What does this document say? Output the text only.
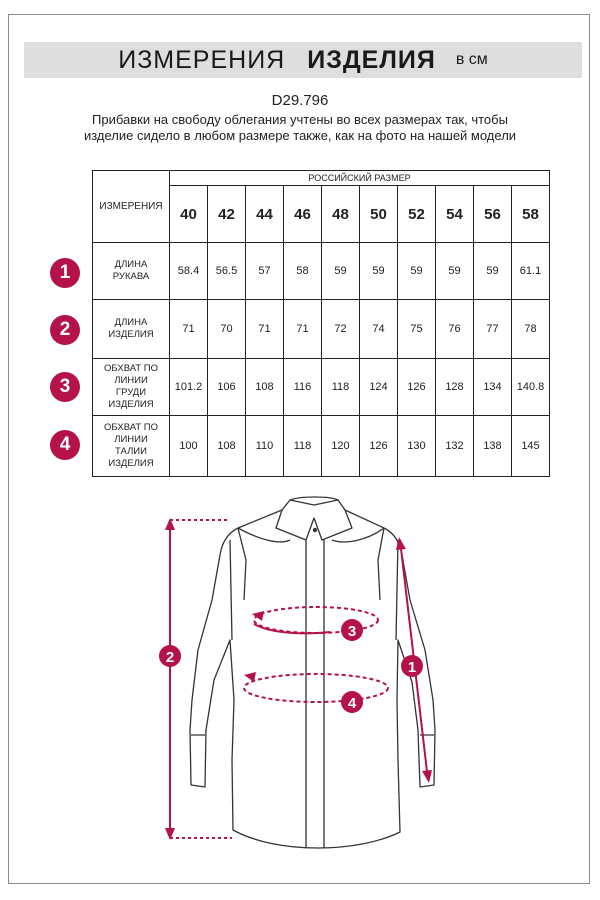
ИЗМЕРЕНИЯ ИЗДЕЛИЯ в см
D29.796
Прибавки на свободу облегания учтены во всех размерах так, чтобы изделие сидело в любом размере также, как на фото на нашей модели
ИЗМЕРЕНИЯ	РОССИЙСКИЙ РАЗМЕР									
	40	42	44	46	48	50	52	54	56	58

ДЛИНА
РУКАВА	58.4	56.5	57	58	59	59	59	59	59	61.1

ДЛИНА
ИЗДЕЛИЯ	71	70	71	71	72	74	75	76	77	78

ОБХВАТ ПО
ЛИНИИ
ГРУДИ
ИЗДЕЛИЯ	101.2	106	108	116	118	124	126	128	134	140.8

ОБХВАТ ПО
ЛИНИИ
ТАЛИИ
ИЗДЕЛИЯ	100	108	110	118	120	126	130	132	138	145
1
2
3
4
3
2
1
4
